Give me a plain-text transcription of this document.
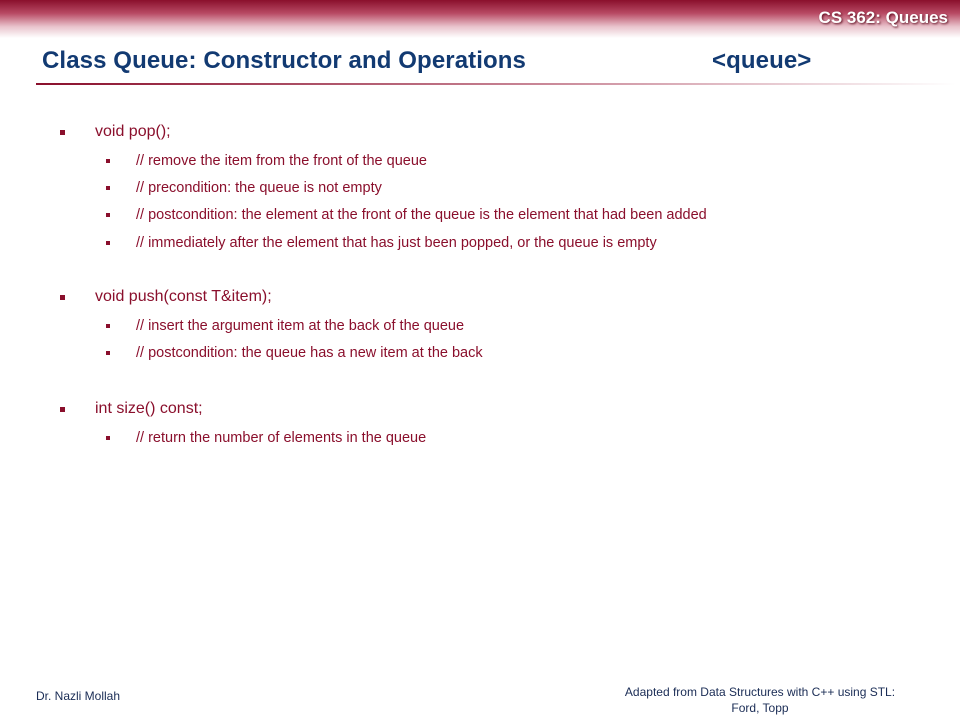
CS 362: Queues
Class Queue: Constructor and Operations	<queue>
void pop();
// remove the item from the front of the queue
// precondition: the queue is not empty
// postcondition: the element at the front of the queue is the element that had been added
// immediately after the element that has just been popped, or the queue is empty
void push(const T&item);
// insert the argument item at the back of the queue
// postcondition: the queue has a new item at the back
int size() const;
// return the number of elements in the queue
Dr. Nazli Mollah	Adapted from Data Structures with C++ using STL:
Ford, Topp
